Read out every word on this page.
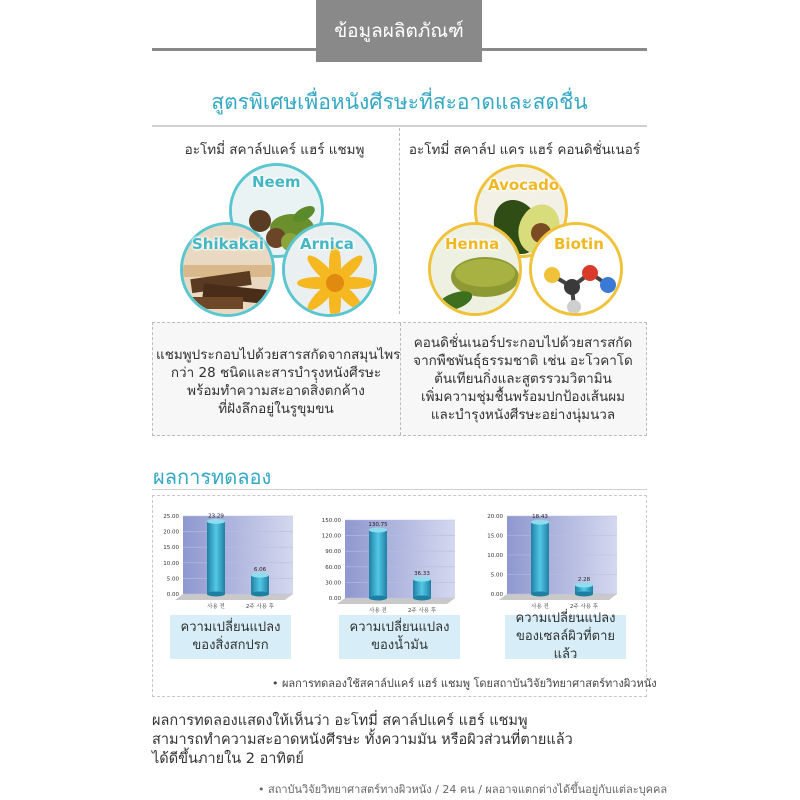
ข้อมูลผลิตภัณฑ์
สูตรพิเศษเพื่อหนังศีรษะที่สะอาดและสดชื่น
อะโทมี่ สคาล์ปแคร์ แฮร์ แชมพู	อะโทมี่ สคาล์ป แคร แฮร์ คอนดิชั่นเนอร์
Neem
Shikakai Arnica
Avocado
Henna	Biotin
แชมพูประกอบไปด้วยสารสกัดจากสมุนไพร
กว่า 28 ชนิดและสารบำรุงหนังศีรษะ
พร้อมทำความสะอาดสิ่งตกค้าง
ที่ฝังลึกอยู่ในรูขุมขน
คอนดิชั่นเนอร์ประกอบไปด้วยสารสกัด
จากพืชพันธุ์ธรรมชาติ เช่น อะโวคาโด
ต้นเทียนกิ่งและสูตรรวมวิตามิน
เพิ่มความชุ่มชื้นพร้อมปกป้องเส้นผม
และบำรุงหนังศีรษะอย่างนุ่มนวล
ผลการทดลอง
25.00
20.00
15.00
10.00
5.00
0.00
23.29
사용 전
6.06
2주 사용 후
150.00
120.00
90.00
60.00
30.00
0.00
130.75
사용 전
36.33
2주 사용 후
20.00
15.00
10.00
5.00
0.00
18.43
사용 전
2.28
2주 사용 후
ความเปลี่ยนแปลง
ของสิ่งสกปรก
ความเปลี่ยนแปลง
ของน้ำมัน
ความเปลี่ยนแปลง
ของเซลล์ผิวที่ตายแล้ว
• ผลการทดลองใช้สคาล์ปแคร์ แฮร์ แชมพู โดยสถาบันวิจัยวิทยาศาสตร์ทางผิวหนัง
ผลการทดลองแสดงให้เห็นว่า อะโทมี่ สคาล์ปแคร์ แฮร์ แชมพู
สามารถทำความสะอาดหนังศีรษะ ทั้งความมัน หรือผิวส่วนที่ตายแล้ว
ได้ดีขึ้นภายใน 2 อาทิตย์
• สถาบันวิจัยวิทยาศาสตร์ทางผิวหนัง / 24 คน / ผลอาจแตกต่างได้ขึ้นอยู่กับแต่ละบุคคล
